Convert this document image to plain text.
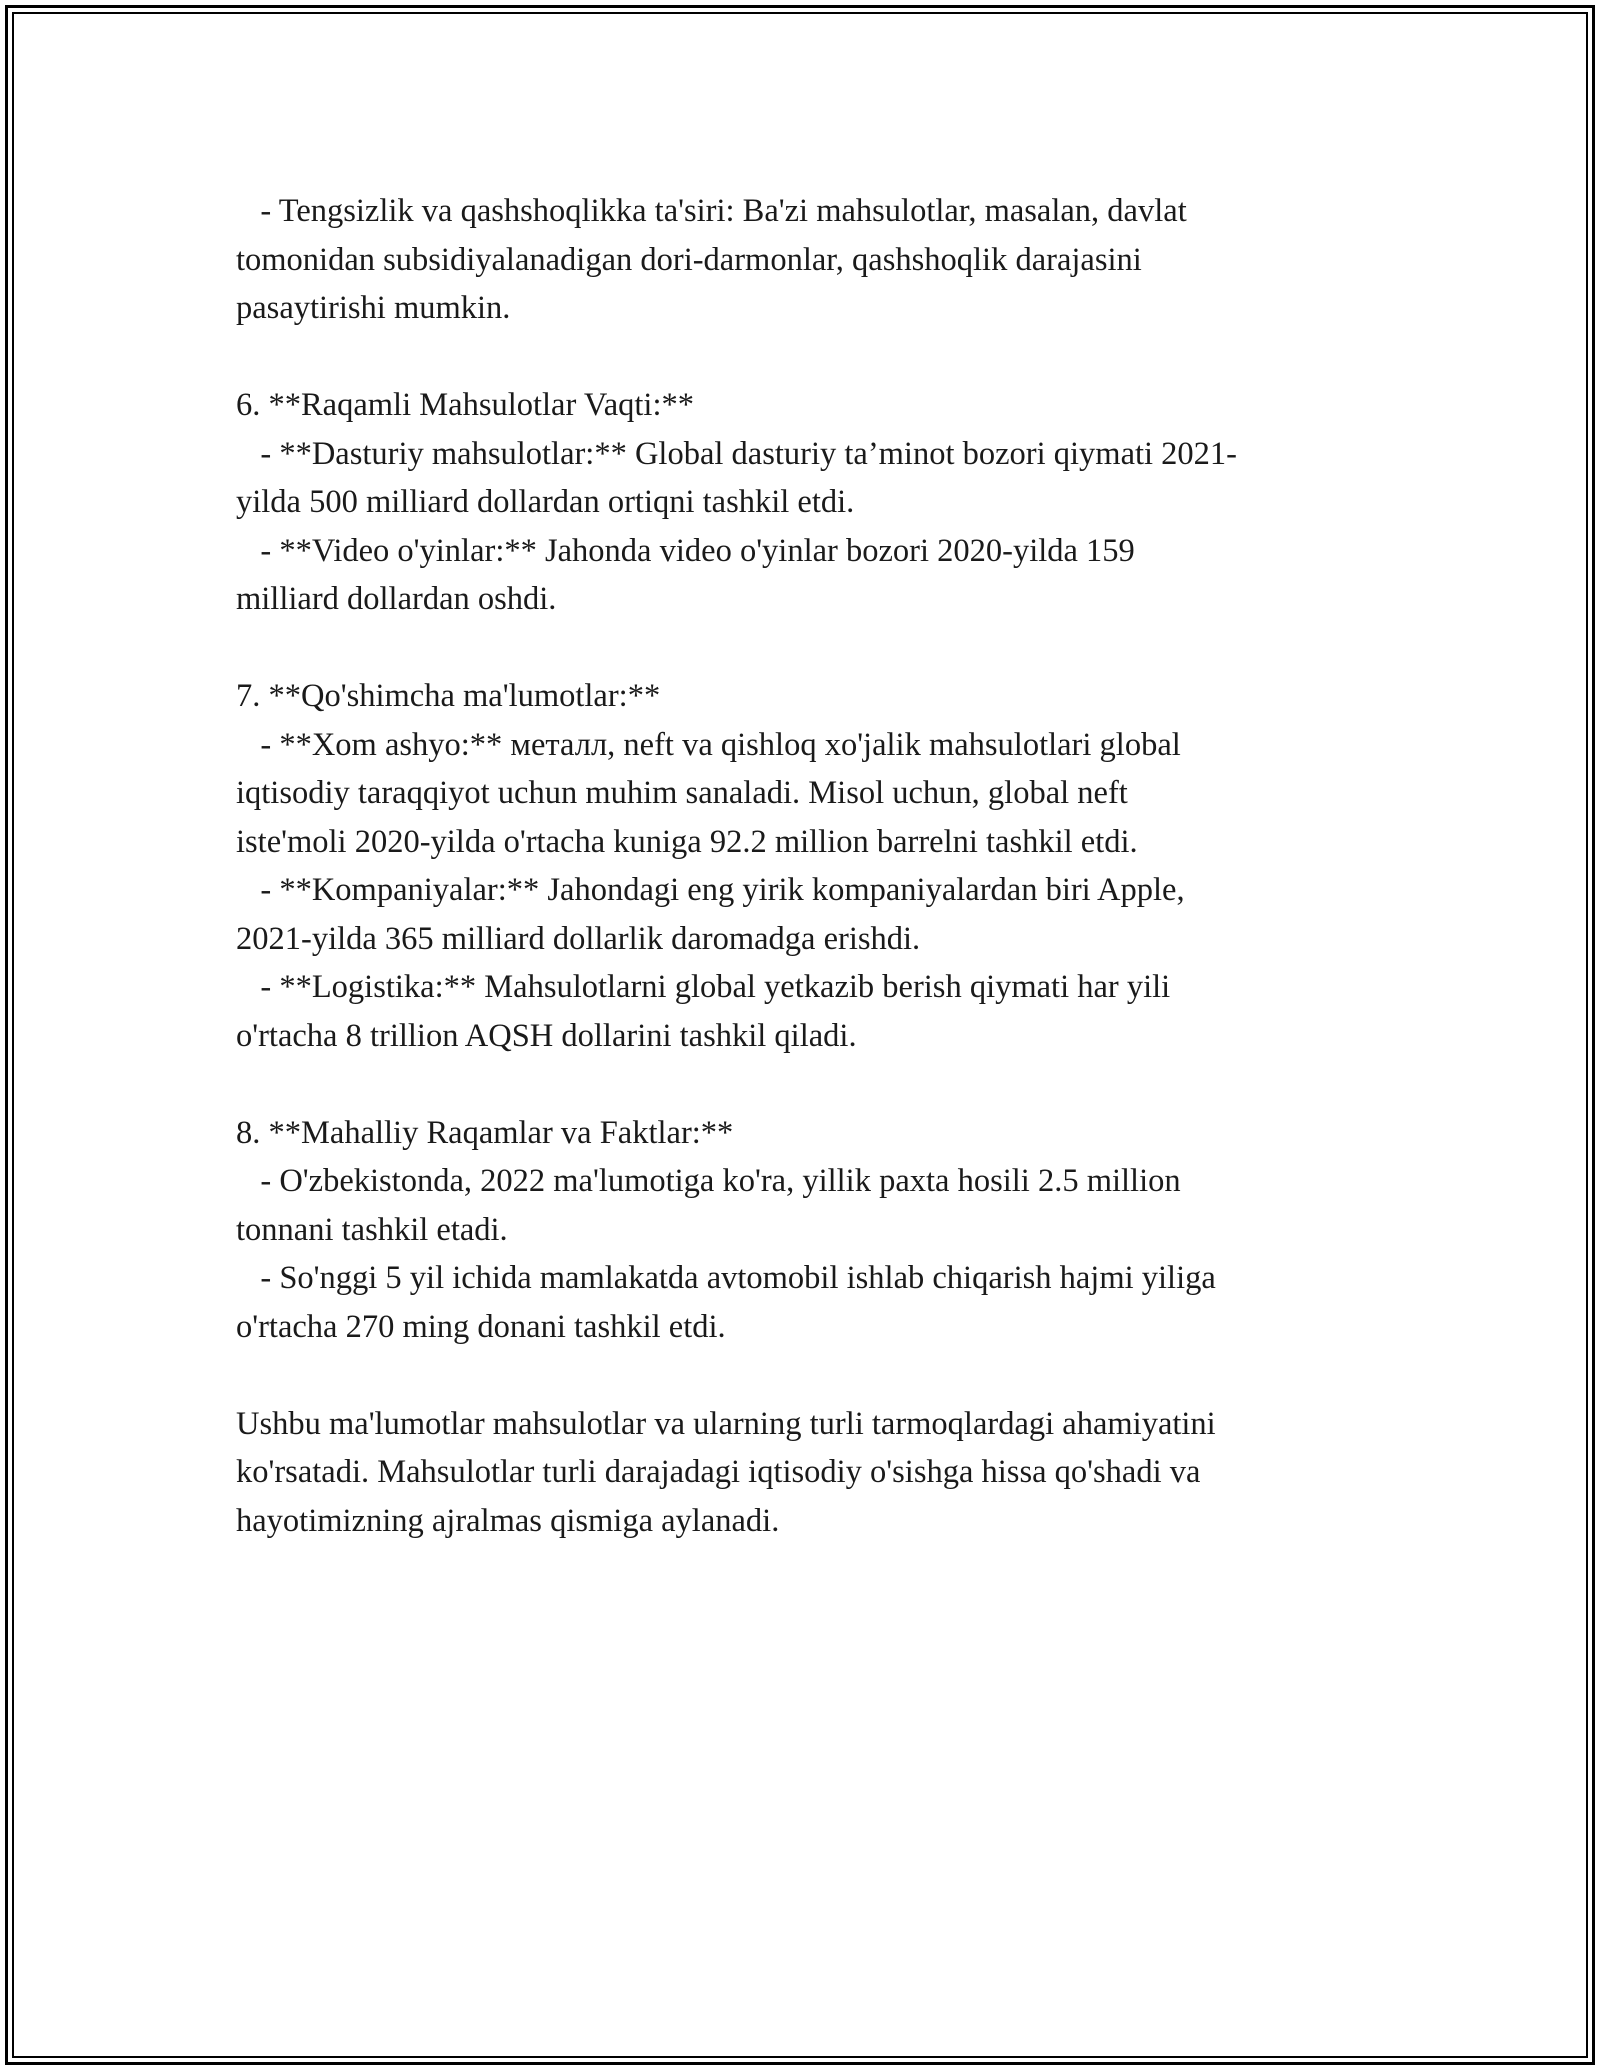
- Tengsizlik va qashshoqlikka ta'siri: Ba'zi mahsulotlar, masalan, davlat
tomonidan subsidiyalanadigan dori-darmonlar, qashshoqlik darajasini
pasaytirishi mumkin.
6. **Raqamli Mahsulotlar Vaqti:**
- **Dasturiy mahsulotlar:** Global dasturiy ta’minot bozori qiymati 2021-
yilda 500 milliard dollardan ortiqni tashkil etdi.
- **Video o'yinlar:** Jahonda video o'yinlar bozori 2020-yilda 159
milliard dollardan oshdi.
7. **Qo'shimcha ma'lumotlar:**
- **Xom ashyo:** металл, neft va qishloq xo'jalik mahsulotlari global
iqtisodiy taraqqiyot uchun muhim sanaladi. Misol uchun, global neft
iste'moli 2020-yilda o'rtacha kuniga 92.2 million barrelni tashkil etdi.
- **Kompaniyalar:** Jahondagi eng yirik kompaniyalardan biri Apple,
2021-yilda 365 milliard dollarlik daromadga erishdi.
- **Logistika:** Mahsulotlarni global yetkazib berish qiymati har yili
o'rtacha 8 trillion AQSH dollarini tashkil qiladi.
8. **Mahalliy Raqamlar va Faktlar:**
- O'zbekistonda, 2022 ma'lumotiga ko'ra, yillik paxta hosili 2.5 million
tonnani tashkil etadi.
- So'nggi 5 yil ichida mamlakatda avtomobil ishlab chiqarish hajmi yiliga
o'rtacha 270 ming donani tashkil etdi.
Ushbu ma'lumotlar mahsulotlar va ularning turli tarmoqlardagi ahamiyatini
ko'rsatadi. Mahsulotlar turli darajadagi iqtisodiy o'sishga hissa qo'shadi va
hayotimizning ajralmas qismiga aylanadi.
